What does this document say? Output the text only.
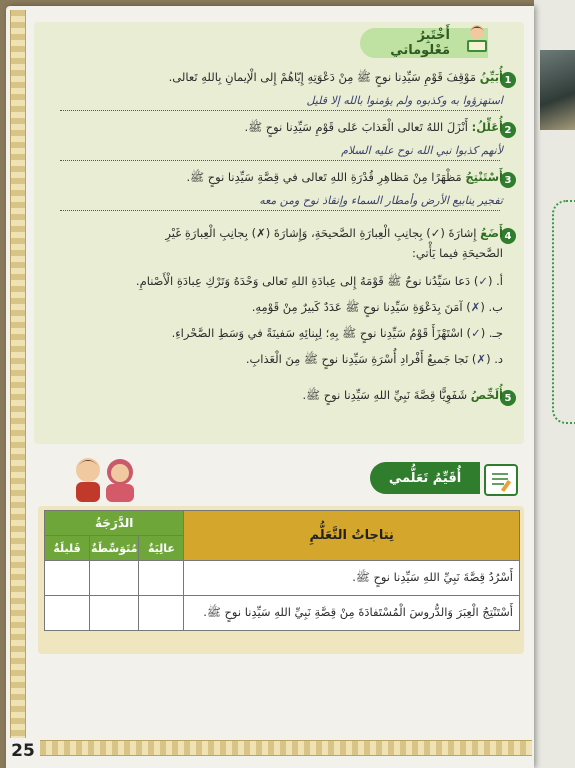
25
أَخْتَبِرُ مَعْلوماتي
1
أُبَيِّنُ مَوْقِفَ قَوْمِ سَيِّدِنا نوحٍ ﷺ مِنْ دَعْوَتِهِ إِيّاهُمْ إِلى الْإيمانِ بِاللهِ تَعالى.
استهزؤوا به وكذبوه ولم يؤمنوا بالله إلا قليل
2
أُعَلِّلُ: أَنْزَلَ اللهُ تَعالى الْعَذابَ عَلى قَوْمِ سَيِّدِنا نوحٍ ﷺ.
لأنهم كذبوا نبي الله نوح عليه السلام
3
أَسْتَنْتِجُ مَظْهَرًا مِنْ مَظاهِرِ قُدْرَةِ اللهِ تَعالى في قِصَّةِ سَيِّدِنا نوحٍ ﷺ.
تفجير ينابيع الأرض وأمطار السماء وإنقاذ نوح ومن معه
4
أَضَعُ إِشارَةَ (✓) بِجانِبِ الْعِبارَةِ الصَّحيحَةِ، وَإِشارَةَ (✗) بِجانِبِ الْعِبارَةِ غَيْرِ
الصَّحيحَةِ فيما يَأْتي:
أ. (✓) دَعا سَيِّدُنا نوحٌ ﷺ قَوْمَهُ إِلى عِبادَةِ اللهِ تَعالى وَحْدَهُ وَتَرْكِ عِبادَةِ الْأَصْنامِ.
ب. (✗) آمَنَ بِدَعْوَةِ سَيِّدِنا نوحٍ ﷺ عَدَدٌ كَبيرٌ مِنْ قَوْمِهِ.
جـ. (✓) اسْتَهْزَأَ قَوْمُ سَيِّدِنا نوحٍ ﷺ بِهِ؛ لِبِنائِهِ سَفينَةً في وَسَطِ الصَّحْراءِ.
د. (✗) نَجا جَميعُ أَفْرادِ أُسْرَةِ سَيِّدِنا نوحٍ ﷺ مِنَ الْعَذابِ.
5
أُلَخِّصُ شَفَوِيًّا قِصَّةَ نَبِيِّ اللهِ سَيِّدِنا نوحٍ ﷺ.
أُقَيِّمُ تَعَلُّمي
نِتاجاتُ التَّعَلُّمِ	الدَّرَجَةُ		
	عالِيَةٌ	مُتَوَسِّطَةٌ	قَليلَةٌ
أَسْرُدُ قِصَّةَ نَبِيِّ اللهِ سَيِّدِنا نوحٍ ﷺ.			
أَسْتَنْتِجُ الْعِبَرَ وَالدُّروسَ الْمُسْتَفادَةَ مِنْ قِصَّةِ نَبِيِّ اللهِ سَيِّدِنا نوحٍ ﷺ.			
